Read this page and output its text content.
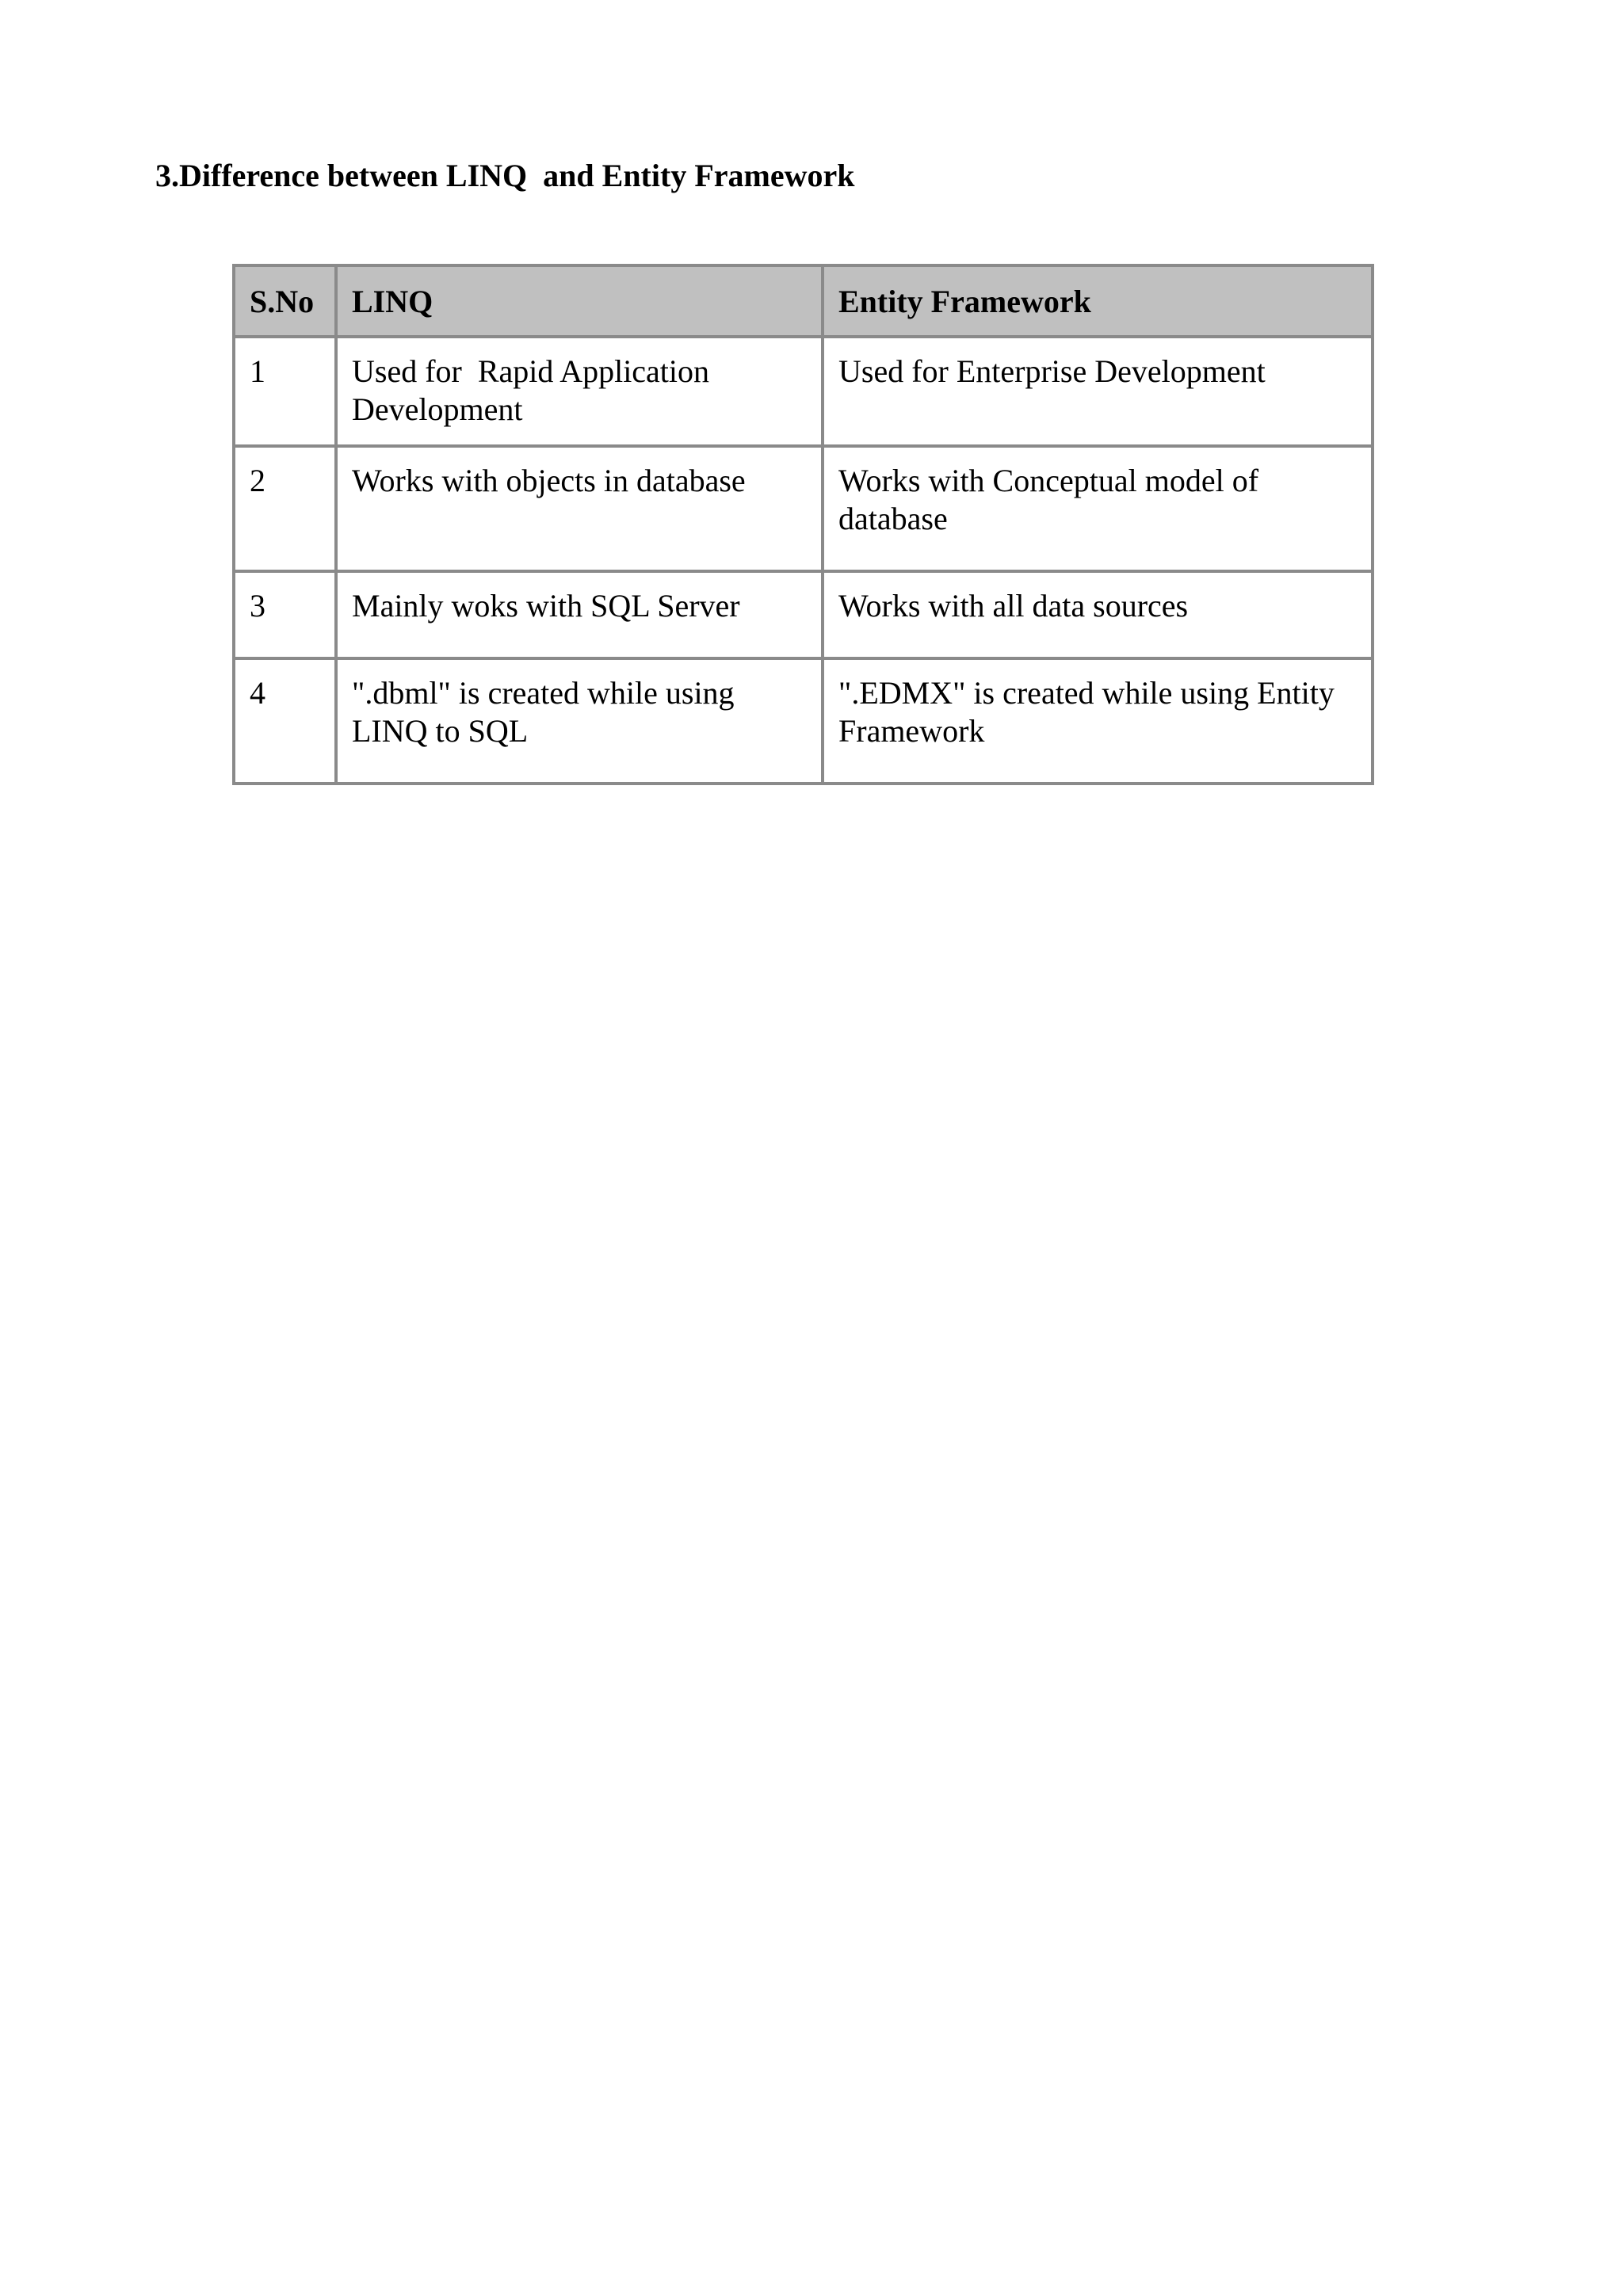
3.Difference between LINQ  and Entity Framework
S.No	LINQ	Entity Framework
1	Used for  Rapid Application Development	Used for Enterprise Development
2	Works with objects in database	Works with Conceptual model of database
3	Mainly woks with SQL Server	Works with all data sources
4	".dbml" is created while using LINQ to SQL	".EDMX" is created while using Entity Framework
